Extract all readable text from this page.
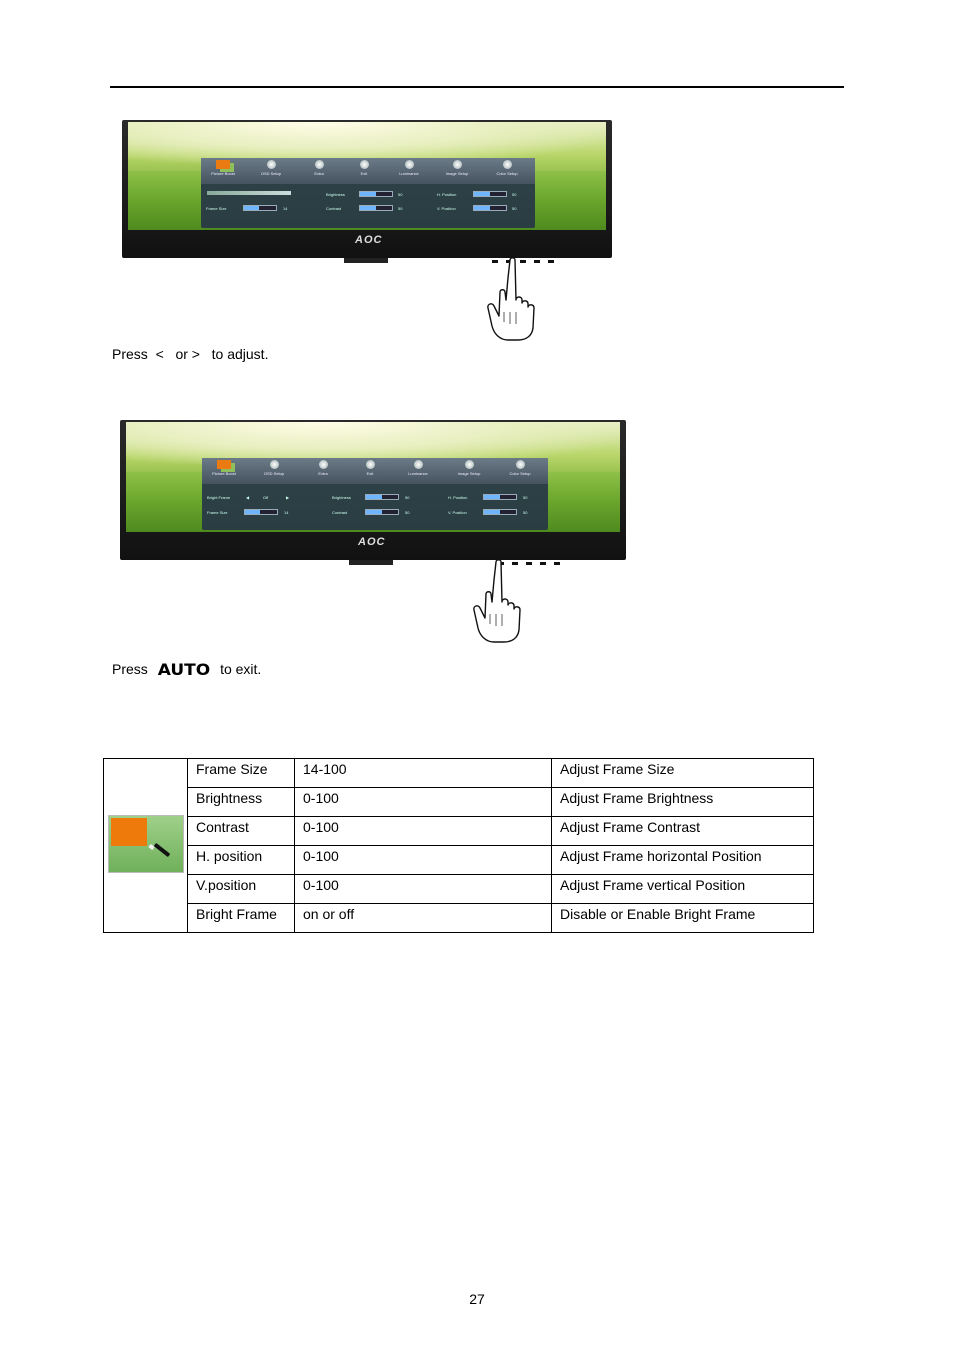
Picture Boost	OSD Setup	Extra	Exit	Luminance	Image Setup	Color Setup
Frame Size	14
Brightness	50
Contrast	50
H. Position	50
V. Position	50
AOC
Press < or > to adjust.
Picture Boost	OSD Setup	Extra	Exit	Luminance	Image Setup	Color Setup
Bright Frame	◀	Off	▶
Frame Size	14
Brightness	50
Contrast	50
H. Position	50
V. Position	50
AOC
Press AUTO to exit.
	Frame Size	14-100	Adjust Frame Size
	Brightness	0-100	Adjust Frame Brightness
	Contrast	0-100	Adjust Frame Contrast
	H. position	0-100	Adjust Frame horizontal Position
	V.position	0-100	Adjust Frame vertical Position
	Bright Frame	on or off	Disable or Enable Bright Frame
27
